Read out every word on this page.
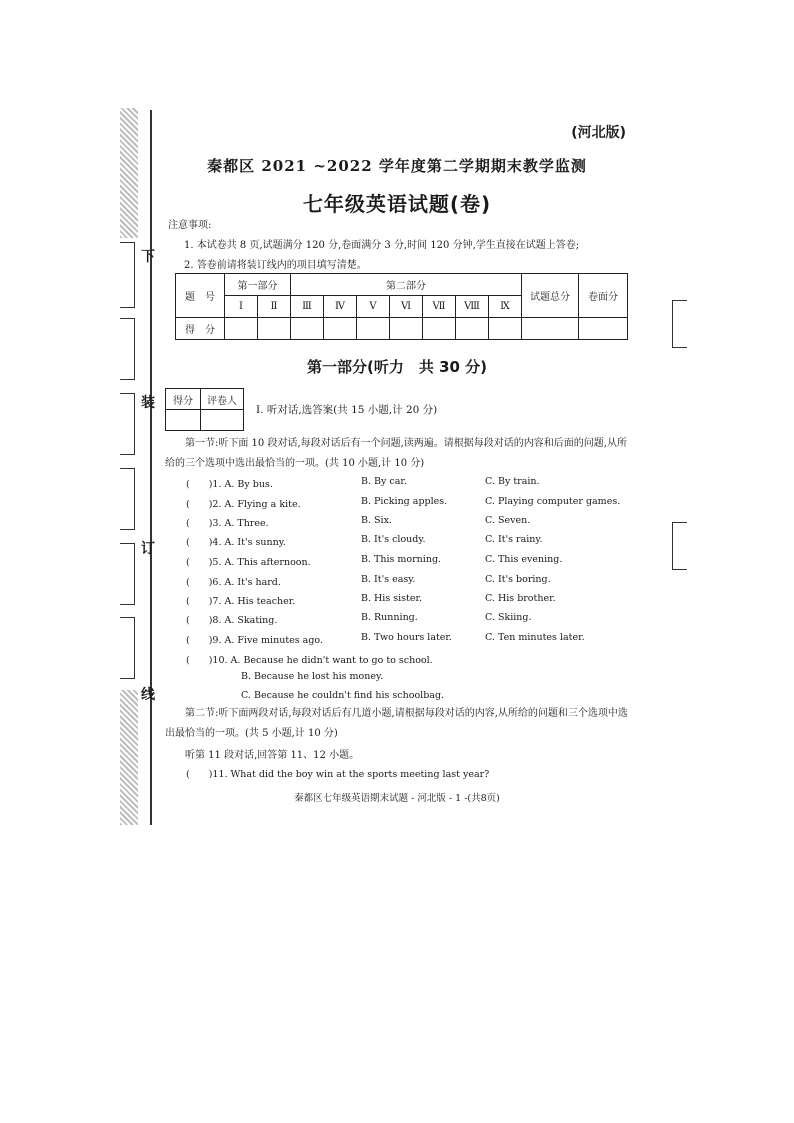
下
装
订
线
(河北版)
秦都区 2021 ~2022 学年度第二学期期末教学监测
七年级英语试题(卷)
注意事项:
1. 本试卷共 8 页,试题满分 120 分,卷面满分 3 分,时间 120 分钟,学生直接在试题上答卷;
2. 答卷前请将装订线内的项目填写清楚。
题　号	第一部分		第二部分							试题总分	卷面分
	Ⅰ	Ⅱ	Ⅲ	Ⅳ	Ⅴ	Ⅵ	Ⅶ	Ⅷ	Ⅸ		
得　分											
第一部分(听力　共 30 分)
得分	评卷人

Ⅰ. 听对话,选答案(共 15 小题,计 20 分)
第一节:听下面 10 段对话,每段对话后有一个问题,读两遍。请根据每段对话的内容和后面的问题,从所给的三个选项中选出最恰当的一项。(共 10 小题,计 10 分)
(　　)1. A. By bus.	B. By car.	C. By train.
(　　)2. A. Flying a kite.	B. Picking apples.	C. Playing computer games.
(　　)3. A. Three.	B. Six.	C. Seven.
(　　)4. A. It's sunny.	B. It's cloudy.	C. It's rainy.
(　　)5. A. This afternoon.	B. This morning.	C. This evening.
(　　)6. A. It's hard.	B. It's easy.	C. It's boring.
(　　)7. A. His teacher.	B. His sister.	C. His brother.
(　　)8. A. Skating.	B. Running.	C. Skiing.
(　　)9. A. Five minutes ago.	B. Two hours later.	C. Ten minutes later.
(　　)10. A. Because he didn't want to go to school.
B. Because he lost his money.
C. Because he couldn't find his schoolbag.
第二节:听下面两段对话,每段对话后有几道小题,请根据每段对话的内容,从所给的问题和三个选项中选出最恰当的一项。(共 5 小题,计 10 分)
听第 11 段对话,回答第 11、12 小题。
(　　)11. What did the boy win at the sports meeting last year?
秦都区七年级英语期末试题 - 河北版 - 1 -(共8页)
